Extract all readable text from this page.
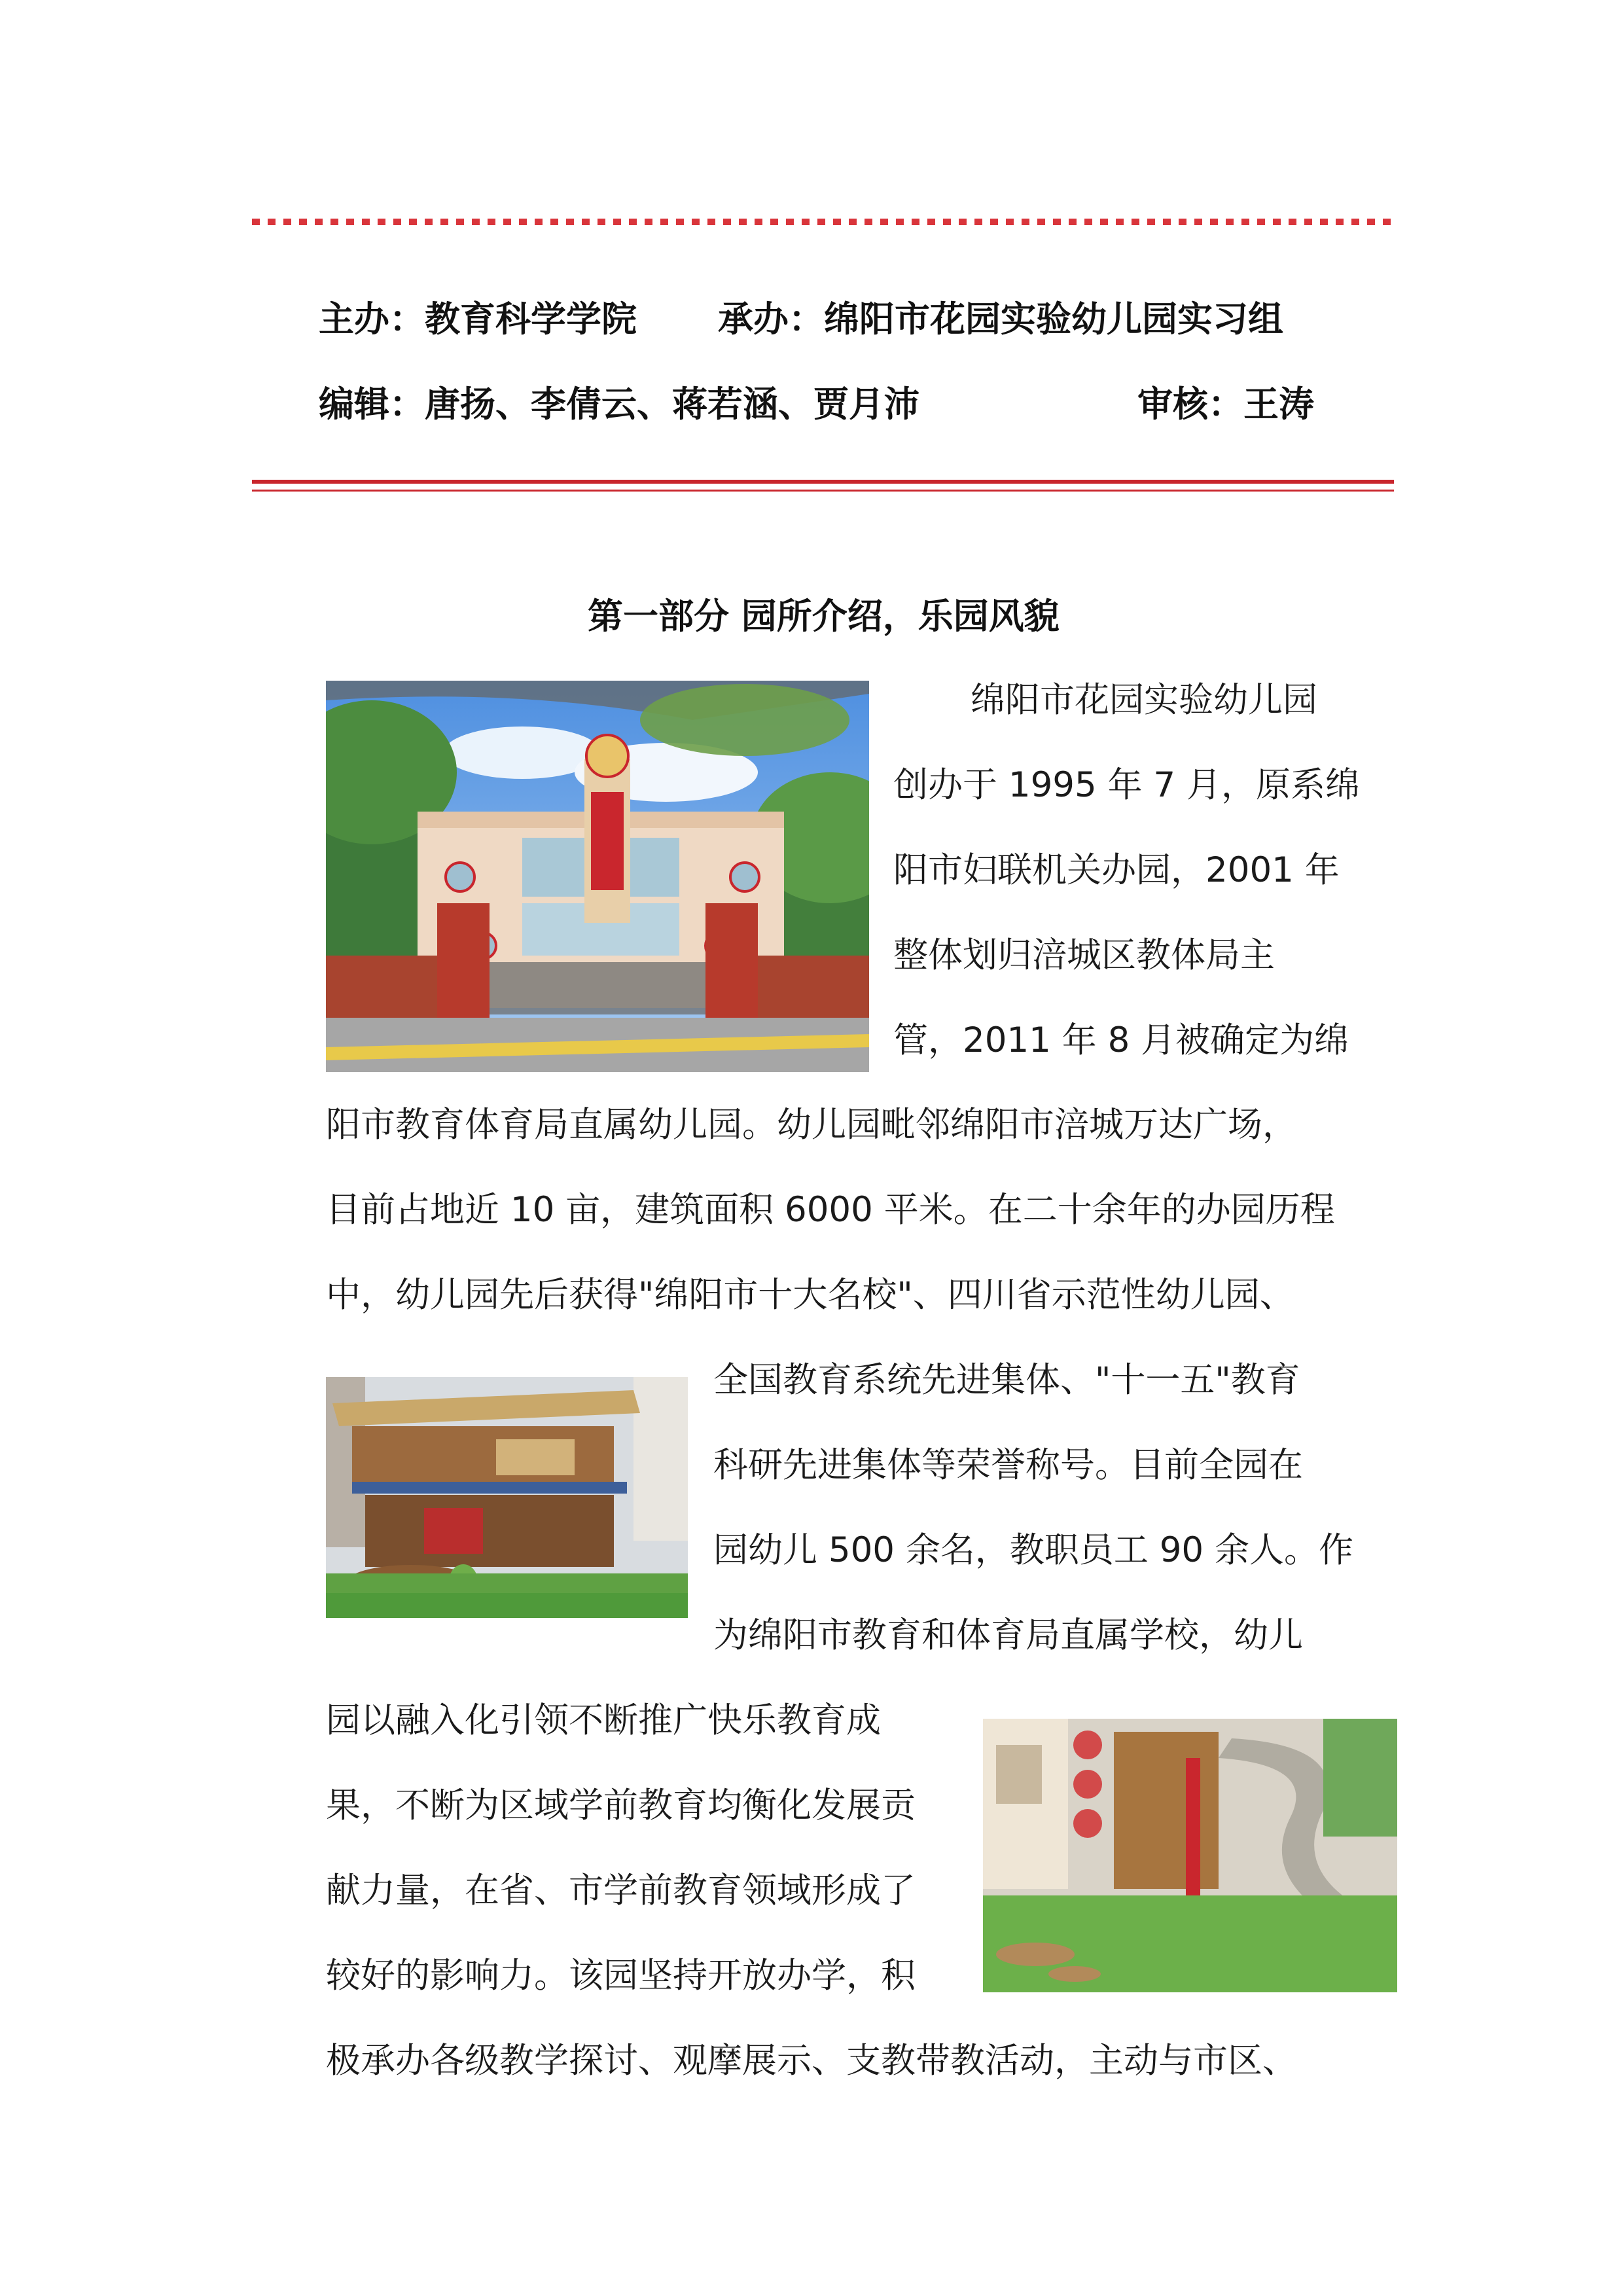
主办：教育科学学院 承办：绵阳市花园实验幼儿园实习组
编辑：唐扬、李倩云、蒋若涵、贾月沛	审核：王涛
第一部分 园所介绍，乐园风貌
绵阳市花园实验幼儿园
创办于 1995 年 7 月，原系绵
阳市妇联机关办园，2001 年
整体划归涪城区教体局主
管，2011 年 8 月被确定为绵
阳市教育体育局直属幼儿园。幼儿园毗邻绵阳市涪城万达广场，
目前占地近 10 亩，建筑面积 6000 平米。在二十余年的办园历程
中，幼儿园先后获得"绵阳市十大名校"、四川省示范性幼儿园、
全国教育系统先进集体、"十一五"教育
科研先进集体等荣誉称号。目前全园在
园幼儿 500 余名，教职员工 90 余人。作
为绵阳市教育和体育局直属学校，幼儿
园以融入化引领不断推广快乐教育成
果，不断为区域学前教育均衡化发展贡
献力量，在省、市学前教育领域形成了
较好的影响力。该园坚持开放办学，积
极承办各级教学探讨、观摩展示、支教带教活动，主动与市区、
